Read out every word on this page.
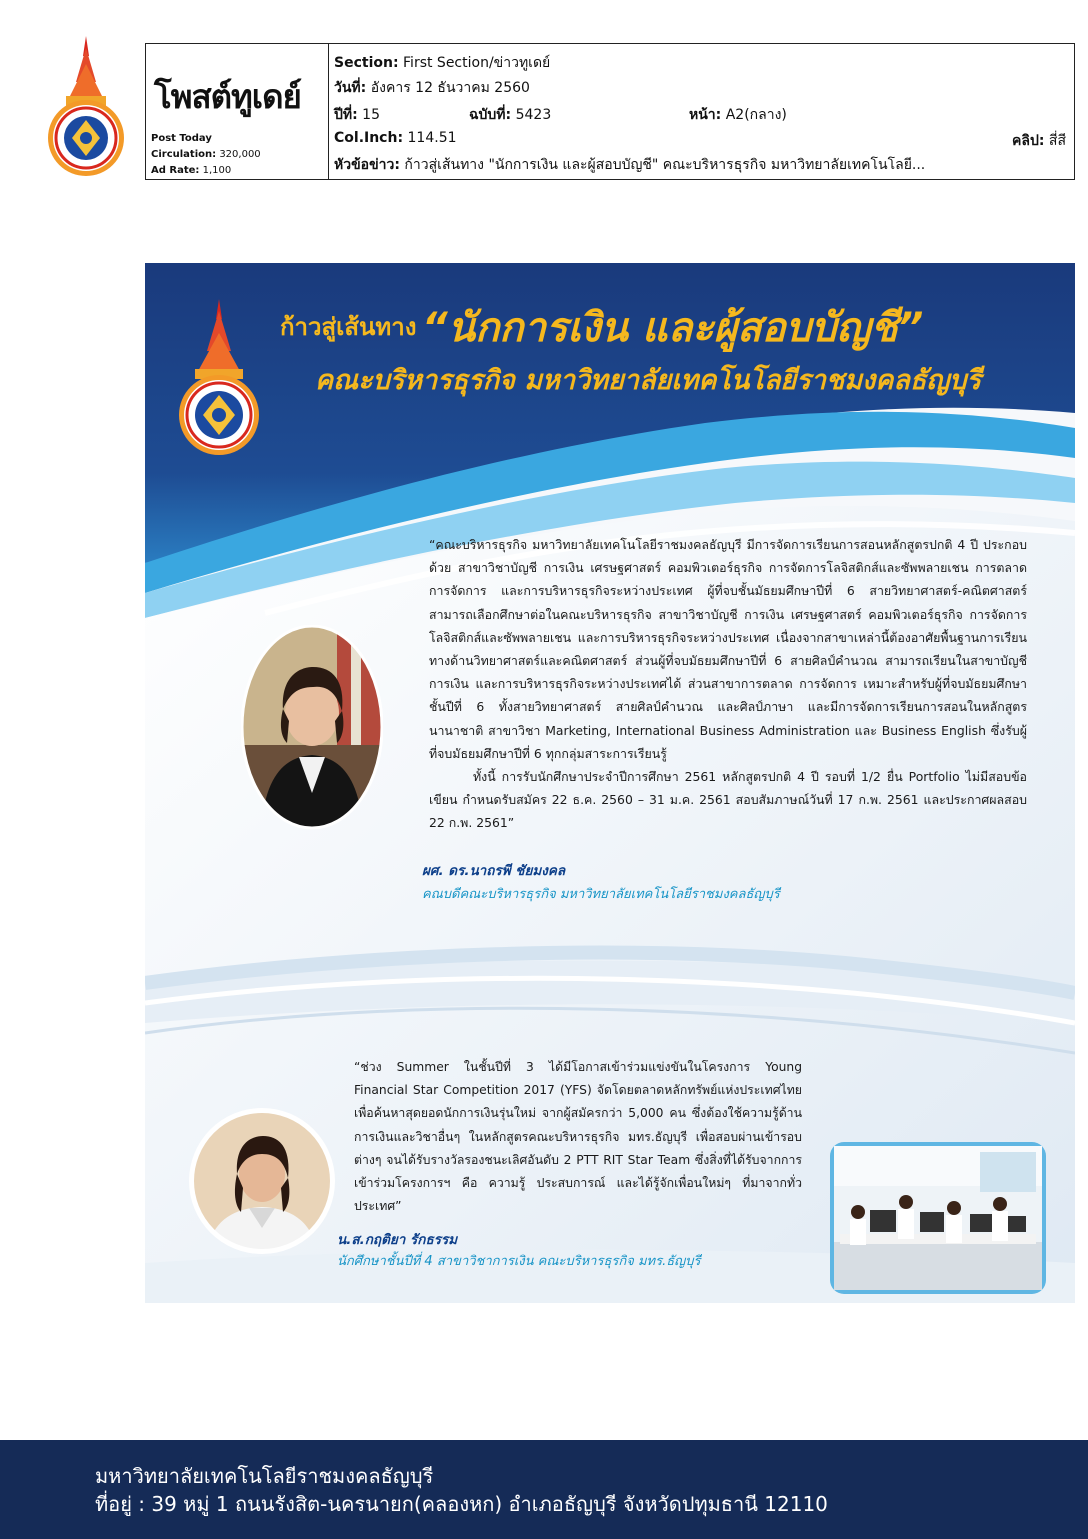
โพสต์ทูเดย์
Post Today
Circulation: 320,000
Ad Rate: 1,100
Section: First Section/ข่าวทูเดย์
วันที่: อังคาร 12 ธันวาคม 2560
ปีที่: 15	ฉบับที่: 5423	หน้า: A2(กลาง)
Col.Inch: 114.51	คลิป: สี่สี
หัวข้อข่าว: ก้าวสู่เส้นทาง "นักการเงิน และผู้สอบบัญชี" คณะบริหารธุรกิจ มหาวิทยาลัยเทคโนโลยี...
ก้าวสู่เส้นทาง “นักการเงิน และผู้สอบบัญชี”
คณะบริหารธุรกิจ มหาวิทยาลัยเทคโนโลยีราชมงคลธัญบุรี
“คณะบริหารธุรกิจ มหาวิทยาลัยเทคโนโลยีราชมงคลธัญบุรี มีการจัดการเรียนการสอนหลักสูตรปกติ 4 ปี ประกอบด้วย สาขาวิชาบัญชี การเงิน เศรษฐศาสตร์ คอมพิวเตอร์ธุรกิจ การจัดการโลจิสติกส์และซัพพลายเชน การตลาด การจัดการ และการบริหารธุรกิจระหว่างประเทศ ผู้ที่จบชั้นมัธยมศึกษาปีที่ 6 สายวิทยาศาสตร์-คณิตศาสตร์ สามารถเลือกศึกษาต่อในคณะบริหารธุรกิจ สาขาวิชาบัญชี การเงิน เศรษฐศาสตร์ คอมพิวเตอร์ธุรกิจ การจัดการโลจิสติกส์และซัพพลายเชน และการบริหารธุรกิจระหว่างประเทศ เนื่องจากสาขาเหล่านี้ต้องอาศัยพื้นฐานการเรียนทางด้านวิทยาศาสตร์และคณิตศาสตร์ ส่วนผู้ที่จบมัธยมศึกษาปีที่ 6 สายศิลป์คำนวณ สามารถเรียนในสาขาบัญชี การเงิน และการบริหารธุรกิจระหว่างประเทศได้ ส่วนสาขาการตลาด การจัดการ เหมาะสำหรับผู้ที่จบมัธยมศึกษาชั้นปีที่ 6 ทั้งสายวิทยาศาสตร์ สายศิลป์คำนวณ และศิลป์ภาษา และมีการจัดการเรียนการสอนในหลักสูตรนานาชาติ สาขาวิชา Marketing, International Business Administration และ Business English ซึ่งรับผู้ที่จบมัธยมศึกษาปีที่ 6 ทุกกลุ่มสาระการเรียนรู้
ทั้งนี้ การรับนักศึกษาประจำปีการศึกษา 2561 หลักสูตรปกติ 4 ปี รอบที่ 1/2 ยื่น Portfolio ไม่มีสอบข้อเขียน กำหนดรับสมัคร 22 ธ.ค. 2560 – 31 ม.ค. 2561 สอบสัมภาษณ์วันที่ 17 ก.พ. 2561 และประกาศผลสอบ 22 ก.พ. 2561”
ผศ. ดร.นาถรพี ชัยมงคล
คณบดีคณะบริหารธุรกิจ มหาวิทยาลัยเทคโนโลยีราชมงคลธัญบุรี
“ช่วง Summer ในชั้นปีที่ 3 ได้มีโอกาสเข้าร่วมแข่งขันในโครงการ Young Financial Star Competition 2017 (YFS) จัดโดยตลาดหลักทรัพย์แห่งประเทศไทย เพื่อค้นหาสุดยอดนักการเงินรุ่นใหม่ จากผู้สมัครกว่า 5,000 คน ซึ่งต้องใช้ความรู้ด้านการเงินและวิชาอื่นๆ ในหลักสูตรคณะบริหารธุรกิจ มทร.ธัญบุรี เพื่อสอบผ่านเข้ารอบต่างๆ จนได้รับรางวัลรองชนะเลิศอันดับ 2 PTT RIT Star Team ซึ่งสิ่งที่ได้รับจากการเข้าร่วมโครงการฯ คือ ความรู้ ประสบการณ์ และได้รู้จักเพื่อนใหม่ๆ ที่มาจากทั่วประเทศ”
น.ส.กฤติยา รักธรรม
นักศึกษาชั้นปีที่ 4 สาขาวิชาการเงิน คณะบริหารธุรกิจ มทร.ธัญบุรี
มหาวิทยาลัยเทคโนโลยีราชมงคลธัญบุรี
ที่อยู่ : 39 หมู่ 1 ถนนรังสิต-นครนายก(คลองหก) อำเภอธัญบุรี จังหวัดปทุมธานี 12110
